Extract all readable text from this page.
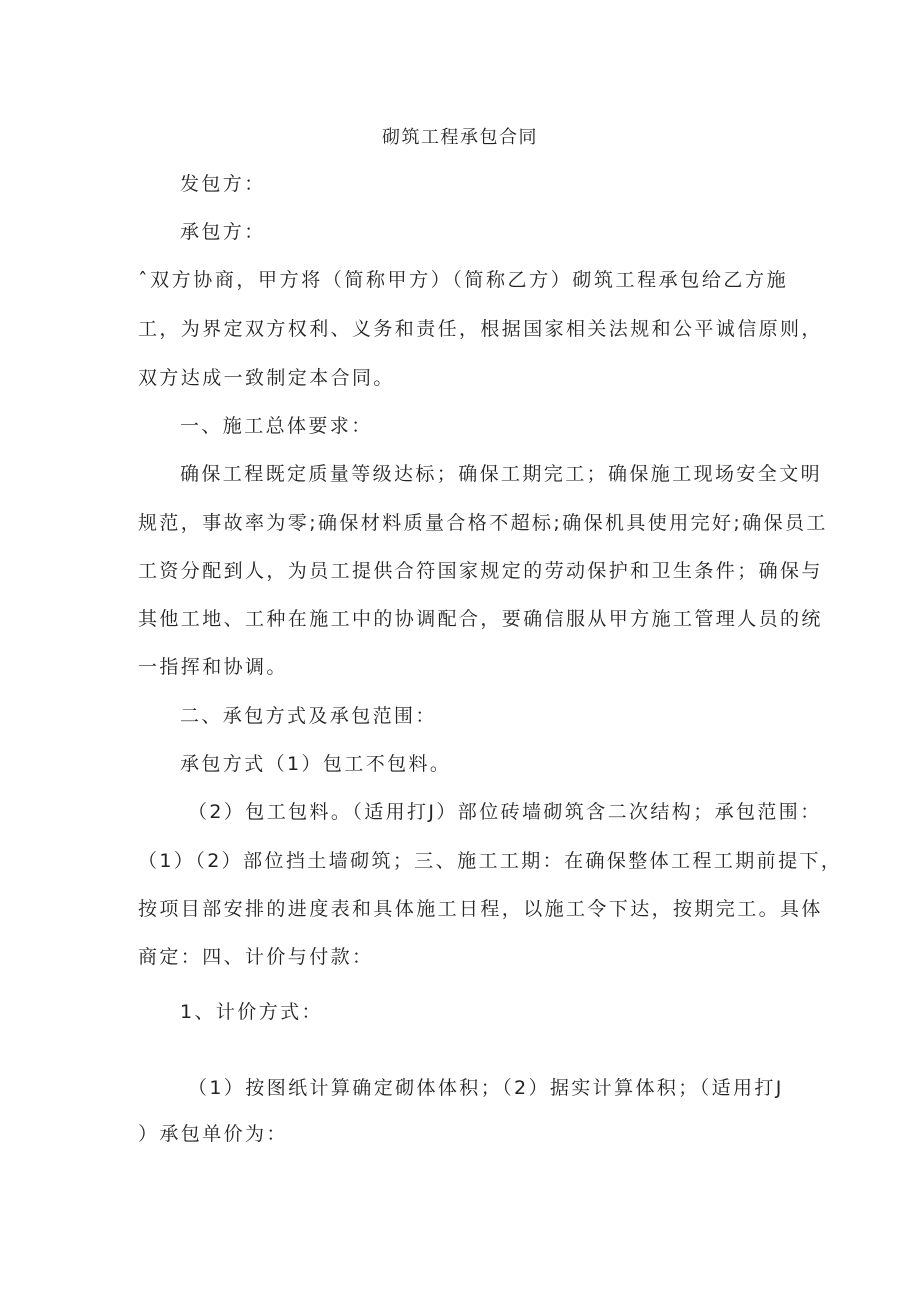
砌筑工程承包合同
发包方：
承包方：
ˆ双方协商，甲方将（简称甲方）（简称乙方）砌筑工程承包给乙方施
工，为界定双方权利、义务和责任，根据国家相关法规和公平诚信原则，
双方达成一致制定本合同。
一、施工总体要求：
确保工程既定质量等级达标；确保工期完工；确保施工现场安全文明
规范，事故率为零;确保材料质量合格不超标;确保机具使用完好;确保员工
工资分配到人，为员工提供合符国家规定的劳动保护和卫生条件；确保与
其他工地、工种在施工中的协调配合，要确信服从甲方施工管理人员的统
一指挥和协调。
二、承包方式及承包范围：
承包方式（1）包工不包料。
（2）包工包料。（适用打J）部位砖墙砌筑含二次结构；承包范围：
（1）（2）部位挡土墙砌筑；三、施工工期：在确保整体工程工期前提下，
按项目部安排的进度表和具体施工日程，以施工令下达，按期完工。具体
商定：四、计价与付款：
1、计价方式：
（1）按图纸计算确定砌体体积；（2）据实计算体积；（适用打J
）承包单价为：
